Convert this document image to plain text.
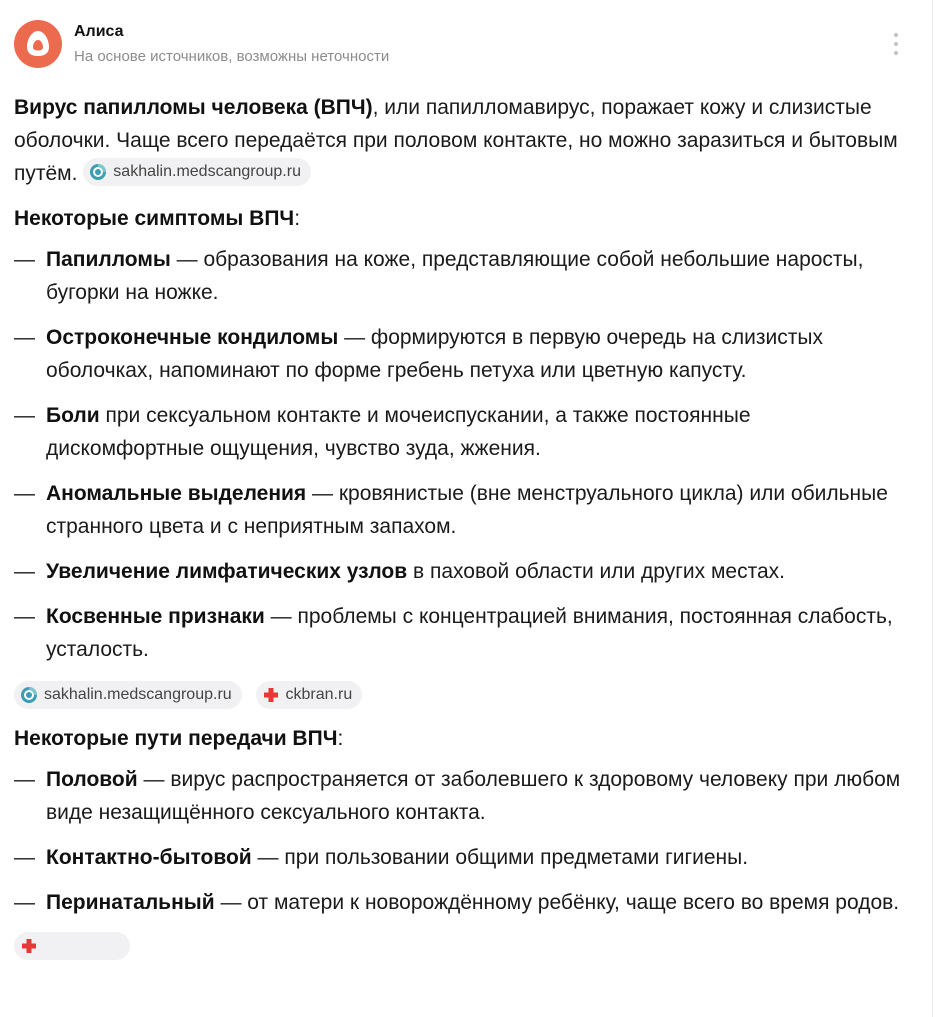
Алиса
На основе источников, возможны неточности

Вирус папилломы человека (ВПЧ), или папилломавирус, поражает кожу и слизистые оболочки. Чаще всего передаётся при половом контакте, но можно заразиться и бытовым путём. sakhalin.medscangroup.ru

Некоторые симптомы ВПЧ:

— Папилломы — образования на коже, представляющие собой небольшие наросты, бугорки на ножке.
— Остроконечные кондиломы — формируются в первую очередь на слизистых оболочках, напоминают по форме гребень петуха или цветную капусту.
— Боли при сексуальном контакте и мочеиспускании, а также постоянные дискомфортные ощущения, чувство зуда, жжения.
— Аномальные выделения — кровянистые (вне менструального цикла) или обильные странного цвета и с неприятным запахом.
— Увеличение лимфатических узлов в паховой области или других местах.
— Косвенные признаки — проблемы с концентрацией внимания, постоянная слабость, усталость.
sakhalin.medscangroup.ru
	ckbran.ru

Некоторые пути передачи ВПЧ:

— Половой — вирус распространяется от заболевшего к здоровому человеку при любом виде незащищённого сексуального контакта.
— Контактно-бытовой — при пользовании общими предметами гигиены.
— Перинатальный — от матери к новорождённому ребёнку, чаще всего во время родов.
